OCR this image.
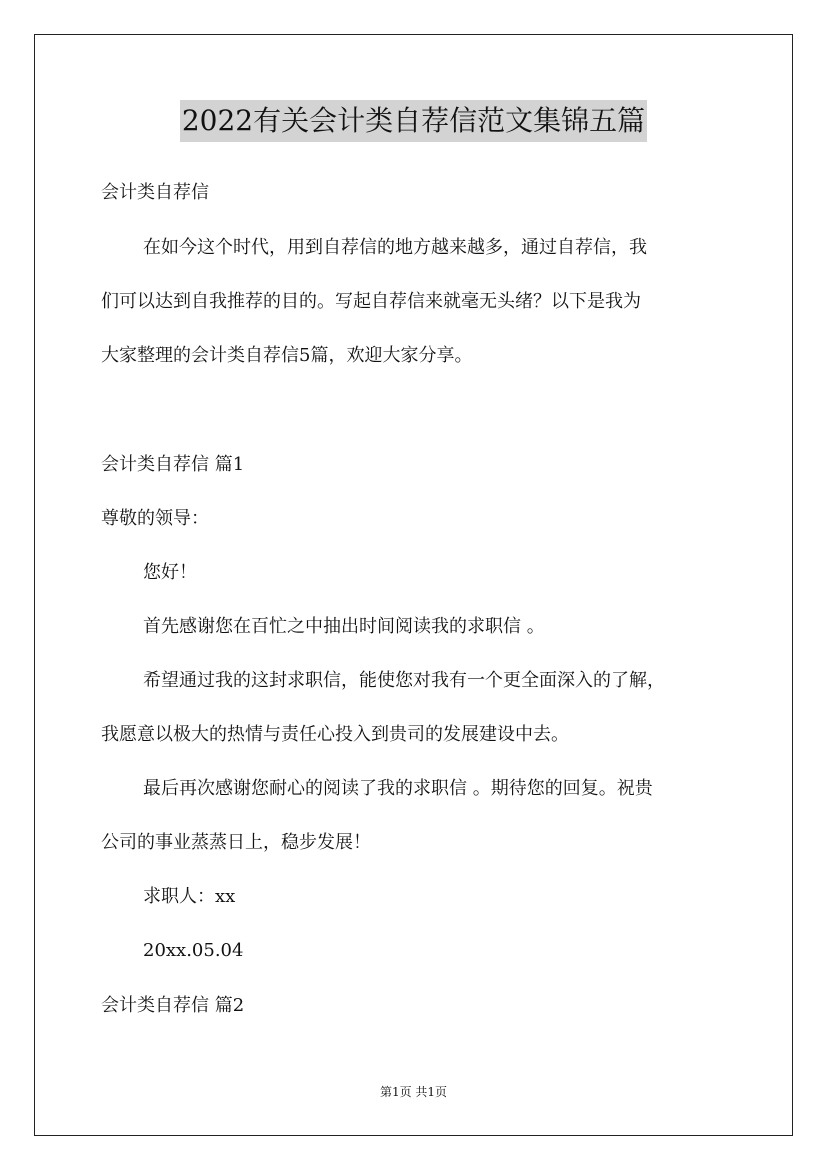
2022有关会计类自荐信范文集锦五篇
会计类自荐信
在如今这个时代，用到自荐信的地方越来越多，通过自荐信，我
们可以达到自我推荐的目的。写起自荐信来就毫无头绪？以下是我为
大家整理的会计类自荐信5篇，欢迎大家分享。
会计类自荐信 篇1
尊敬的领导：
您好！
首先感谢您在百忙之中抽出时间阅读我的求职信 。
希望通过我的这封求职信，能使您对我有一个更全面深入的了解，
我愿意以极大的热情与责任心投入到贵司的发展建设中去。
最后再次感谢您耐心的阅读了我的求职信 。期待您的回复。祝贵
公司的事业蒸蒸日上，稳步发展！
求职人：xx
20xx.05.04
会计类自荐信 篇2
第1页 共1页
